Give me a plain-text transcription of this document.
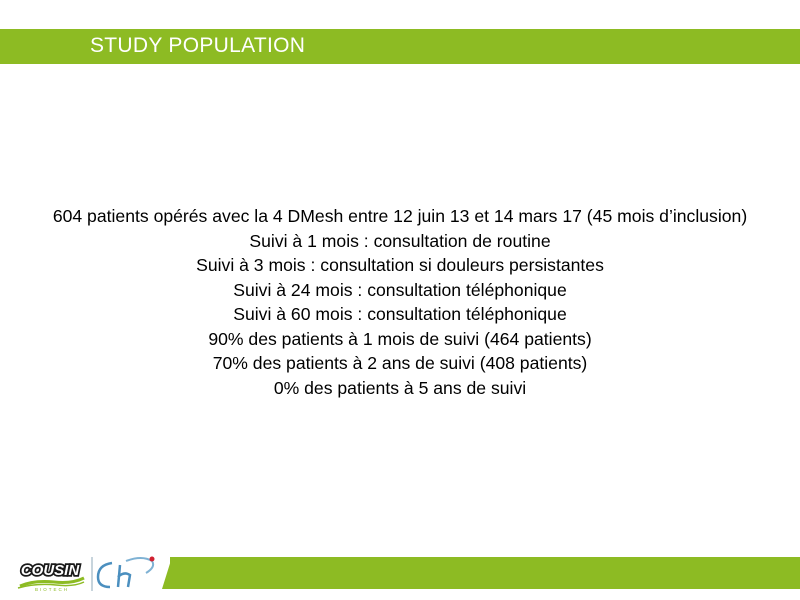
STUDY POPULATION
604 patients opérés avec la 4 DMesh entre 12 juin 13 et 14 mars 17 (45 mois d’inclusion)
Suivi à 1 mois : consultation de routine
Suivi à 3 mois : consultation si douleurs persistantes
Suivi à 24 mois : consultation téléphonique
Suivi à 60 mois : consultation téléphonique
90% des patients à 1 mois de suivi (464 patients)
70% des patients à 2 ans de suivi (408 patients)
0% des patients à 5 ans de suivi
COUSIN
BIOTECH
